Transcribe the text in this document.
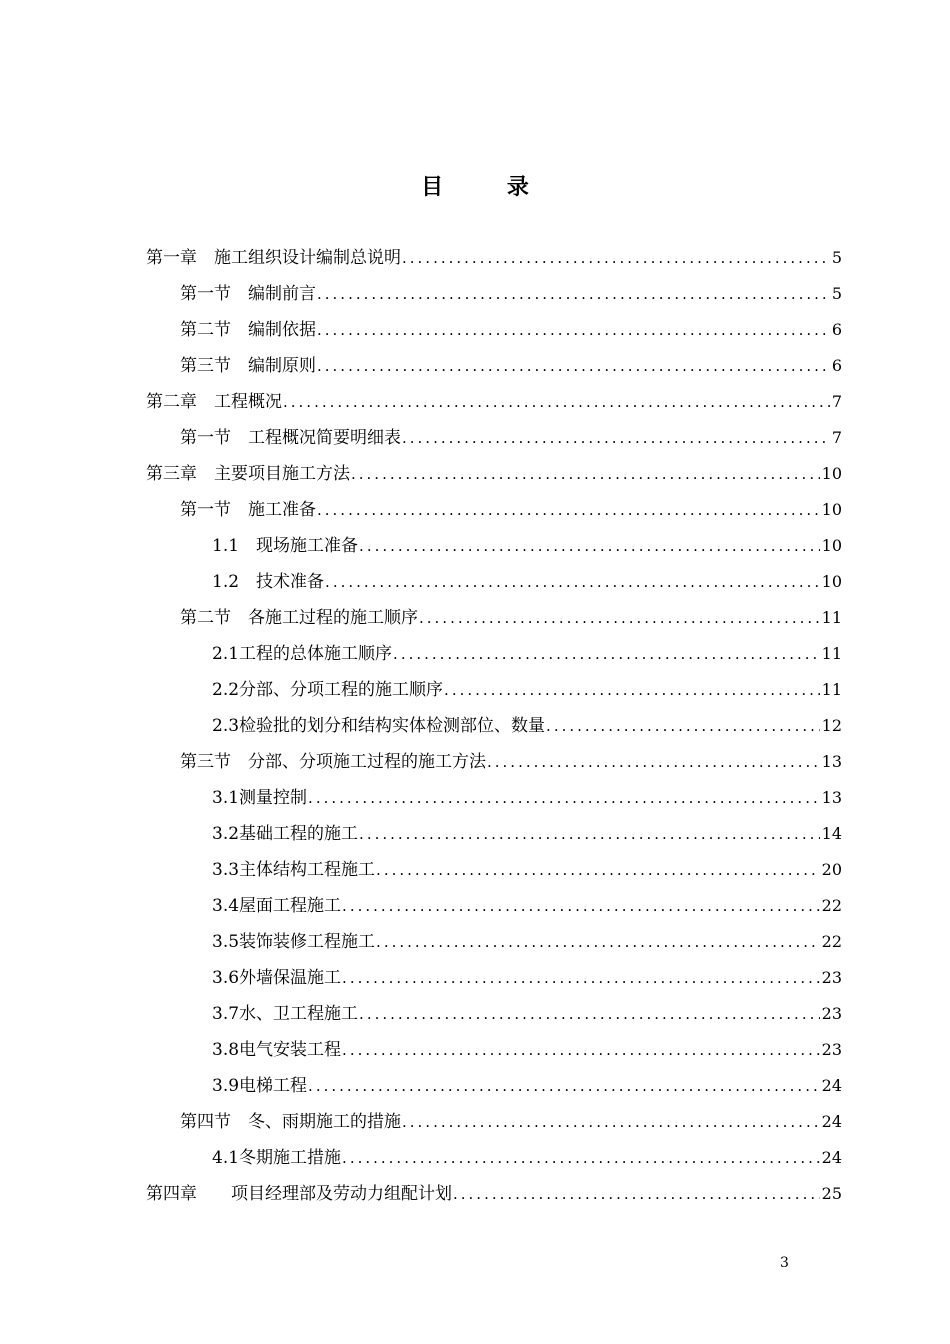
目 录
第一章　施工组织设计编制总说明 .....	5
第一节　编制前言 .....	5
第二节　编制依据 .....	6
第三节　编制原则 .....	6
第二章　工程概况 .....	7
第一节　工程概况简要明细表 .....	7
第三章　主要项目施工方法 .....	10
第一节　施工准备 .....	10
1.1　现场施工准备 .....	10
1.2　技术准备 .....	10
第二节　各施工过程的施工顺序 .....	11
2.1工程的总体施工顺序 .....	11
2.2分部、分项工程的施工顺序 .....	11
2.3检验批的划分和结构实体检测部位、数量 .....	12
第三节　分部、分项施工过程的施工方法 .....	13
3.1测量控制 .....	13
3.2基础工程的施工 .....	14
3.3主体结构工程施工 .....	20
3.4屋面工程施工 .....	22
3.5装饰装修工程施工 .....	22
3.6外墙保温施工 .....	23
3.7水、卫工程施工 .....	23
3.8电气安装工程 .....	23
3.9电梯工程 .....	24
第四节　冬、雨期施工的措施 .....	24
4.1冬期施工措施 .....	24
第四章　　项目经理部及劳动力组配计划 .....	25
3
